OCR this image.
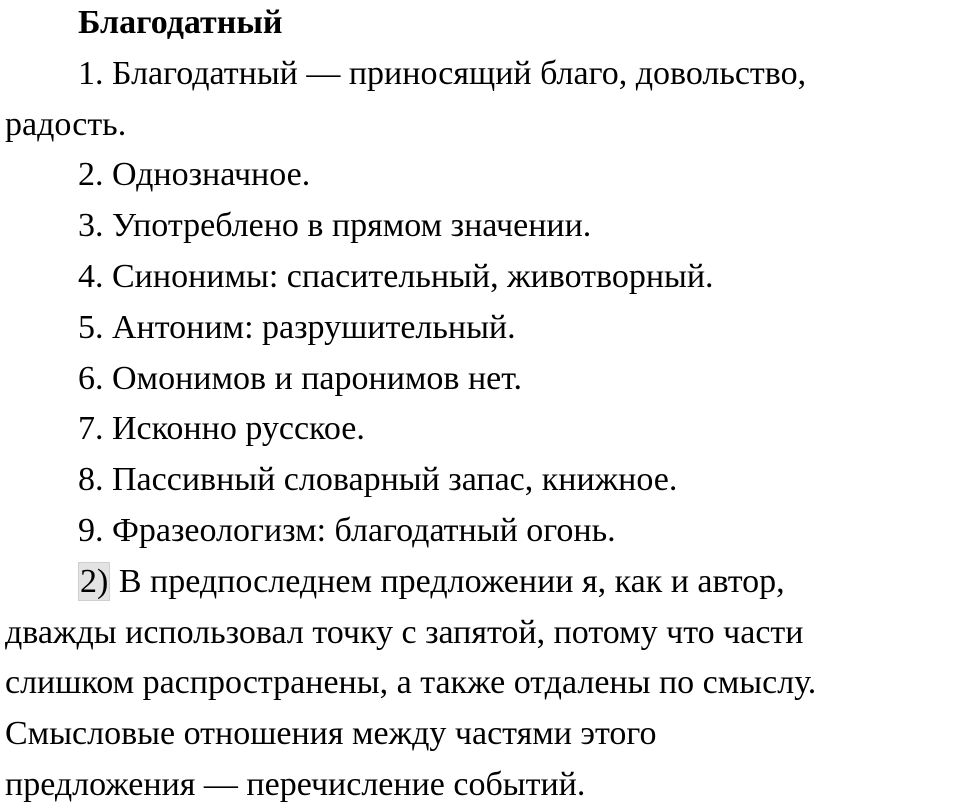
Благодатный

1. Благодатный — приносящий благо, довольство,

радость.

2. Однозначное.

3. Употреблено в прямом значении.

4. Синонимы: спасительный, животворный.

5. Антоним: разрушительный.

6. Омонимов и паронимов нет.

7. Исконно русское.

8. Пассивный словарный запас, книжное.

9. Фразеологизм: благодатный огонь.

2) В предпоследнем предложении я, как и автор,

дважды использовал точку с запятой, потому что части

слишком распространены, а также отдалены по смыслу.

Смысловые отношения между частями этого

предложения — перечисление событий.
